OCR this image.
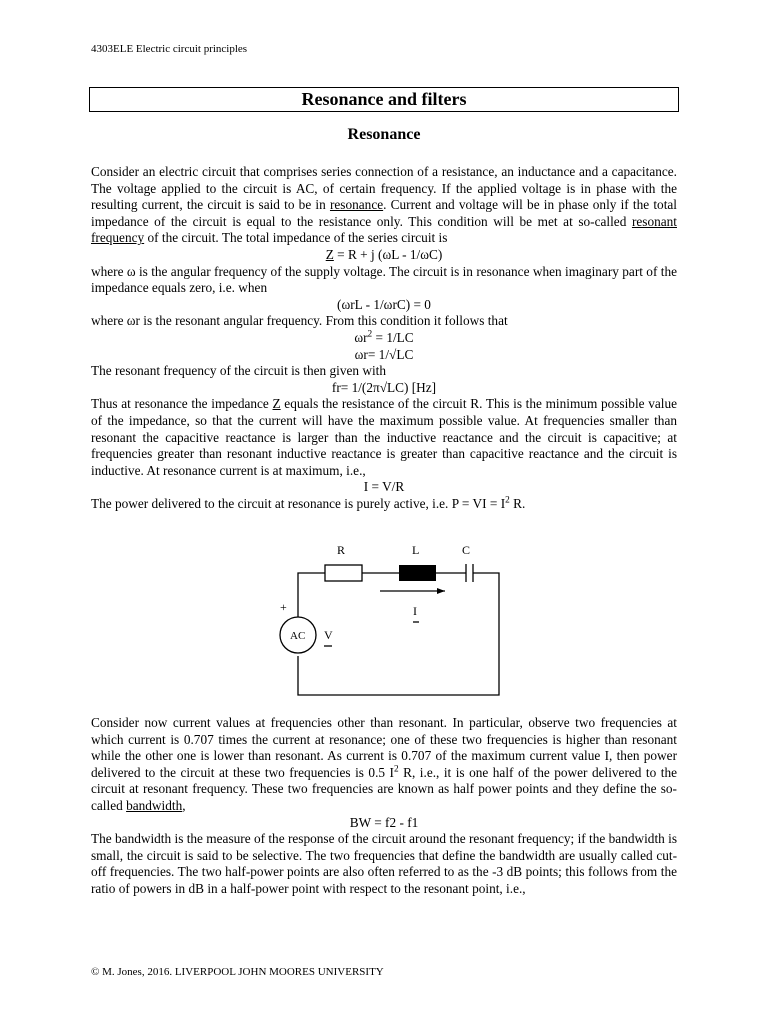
4303ELE Electric circuit principles
Resonance and filters
Resonance

Consider an electric circuit that comprises series connection of a resistance, an inductance and a capacitance. The voltage applied to the circuit is AC, of certain frequency. If the applied voltage is in phase with the resulting current, the circuit is said to be in resonance. Current and voltage will be in phase only if the total impedance of the circuit is equal to the resistance only. This condition will be met at so-called resonant frequency of the circuit. The total impedance of the series circuit is

Z = R + j (ωL - 1/ωC)

where ω is the angular frequency of the supply voltage. The circuit is in resonance when imaginary part of the impedance equals zero, i.e. when

(ωrL - 1/ωrC) = 0

where ωr is the resonant angular frequency. From this condition it follows that

$\omega r^2 = 1/LC$

ωr= 1/√LC

The resonant frequency of the circuit is then given with

fr= 1/(2π√LC) [Hz]

Thus at resonance the impedance Z equals the resistance of the circuit R. This is the minimum possible value of the impedance, so that the current will have the maximum possible value. At frequencies smaller than resonant the capacitive reactance is larger than the inductive reactance and the circuit is capacitive; at frequencies greater than resonant inductive reactance is greater than capacitive reactance and the circuit is inductive. At resonance current is at maximum, i.e.,

I = V/R

The power delivered to the circuit at resonance is purely active, i.e. P = VI = $I^2$ R.

R	L	C
+
AC V
I

Consider now current values at frequencies other than resonant. In particular, observe two frequencies at which current is 0.707 times the current at resonance; one of these two frequencies is higher than resonant while the other one is lower than resonant. As current is 0.707 of the maximum current value I, then power delivered to the circuit at these two frequencies is 0.5 $I^2$ R, i.e., it is one half of the power delivered to the circuit at resonant frequency. These two frequencies are known as half power points and they define the so-called bandwidth,

BW = f2 - f1

The bandwidth is the measure of the response of the circuit around the resonant frequency; if the bandwidth is small, the circuit is said to be selective. The two frequencies that define the bandwidth are usually called cut-off frequencies. The two half-power points are also often referred to as the -3 dB points; this follows from the ratio of powers in dB in a half-power point with respect to the resonant point, i.e.,

© M. Jones, 2016. LIVERPOOL JOHN MOORES UNIVERSITY
